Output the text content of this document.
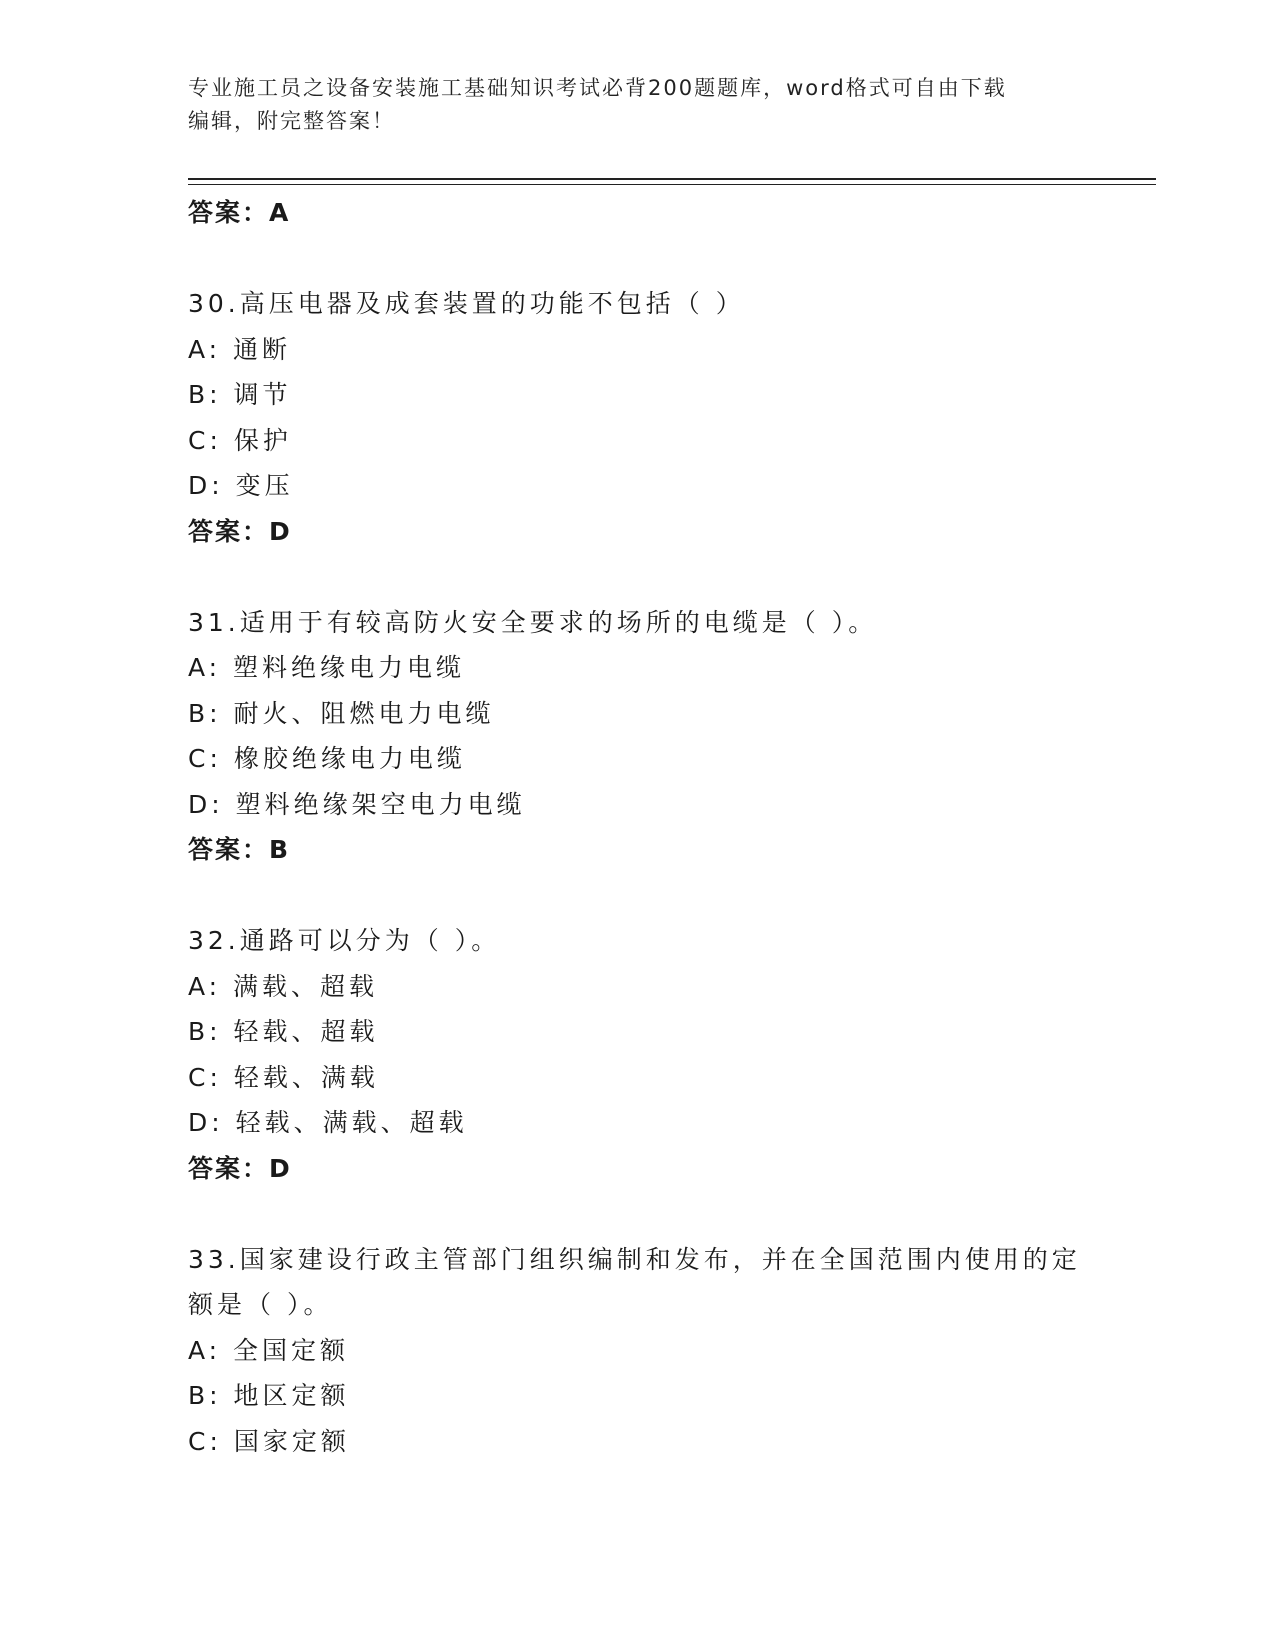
专业施工员之设备安装施工基础知识考试必背200题题库，word格式可自由下载
编辑，附完整答案！
答案：A
30.高压电器及成套装置的功能不包括（ ）
A: 通断
B: 调节
C: 保护
D: 变压
答案：D
31.适用于有较高防火安全要求的场所的电缆是（ ）。
A: 塑料绝缘电力电缆
B: 耐火、阻燃电力电缆
C: 橡胶绝缘电力电缆
D: 塑料绝缘架空电力电缆
答案：B
32.通路可以分为（ ）。
A: 满载、超载
B: 轻载、超载
C: 轻载、满载
D: 轻载、满载、超载
答案：D
33.国家建设行政主管部门组织编制和发布，并在全国范围内使用的定
额是（ ）。
A: 全国定额
B: 地区定额
C: 国家定额
